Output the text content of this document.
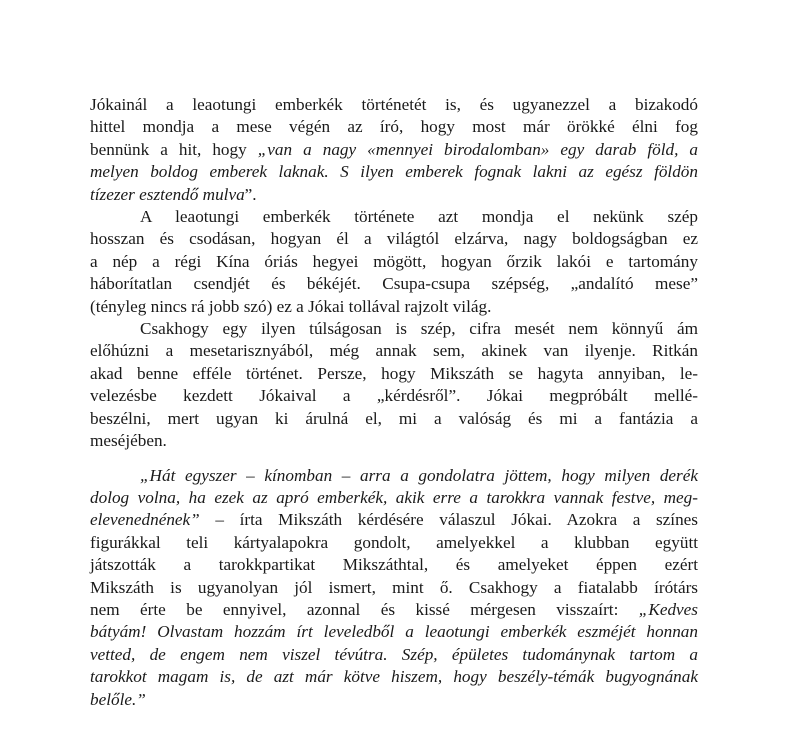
Jókainál a leaotungi emberkék történetét is, és ugyanezzel a bizakodó
hittel mondja a mese végén az író, hogy most már örökké élni fog
bennünk a hit, hogy „van a nagy «mennyei birodalomban» egy darab föld, a
melyen boldog emberek laknak. S ilyen emberek fognak lakni az egész földön
tízezer esztendő mulva”.
A leaotungi emberkék története azt mondja el nekünk szép
hosszan és csodásan, hogyan él a világtól elzárva, nagy boldogságban ez
a nép a régi Kína óriás hegyei mögött, hogyan őrzik lakói e tartomány
háborítatlan csendjét és békéjét. Csupa-csupa szépség, „andalító mese”
(tényleg nincs rá jobb szó) ez a Jókai tollával rajzolt világ.
Csakhogy egy ilyen túlságosan is szép, cifra mesét nem könnyű ám
előhúzni a mesetarisznyából, még annak sem, akinek van ilyenje. Ritkán
akad benne efféle történet. Persze, hogy Mikszáth se hagyta annyiban, le-
velezésbe kezdett Jókaival a „kérdésről”. Jókai megpróbált mellé-
beszélni, mert ugyan ki árulná el, mi a valóság és mi a fantázia a
meséjében.
„Hát egyszer – kínomban – arra a gondolatra jöttem, hogy milyen derék
dolog volna, ha ezek az apró emberkék, akik erre a tarokkra vannak festve, meg-
elevenednének” – írta Mikszáth kérdésére válaszul Jókai. Azokra a színes
figurákkal teli kártyalapokra gondolt, amelyekkel a klubban együtt
játszották a tarokkpartikat Mikszáthtal, és amelyeket éppen ezért
Mikszáth is ugyanolyan jól ismert, mint ő. Csakhogy a fiatalabb írótárs
nem érte be ennyivel, azonnal és kissé mérgesen visszaírt: „Kedves
bátyám! Olvastam hozzám írt leveledből a leaotungi emberkék eszméjét honnan
vetted, de engem nem viszel tévútra. Szép, épületes tudománynak tartom a
tarokkot magam is, de azt már kötve hiszem, hogy beszély-témák bugyognának
belőle.”
